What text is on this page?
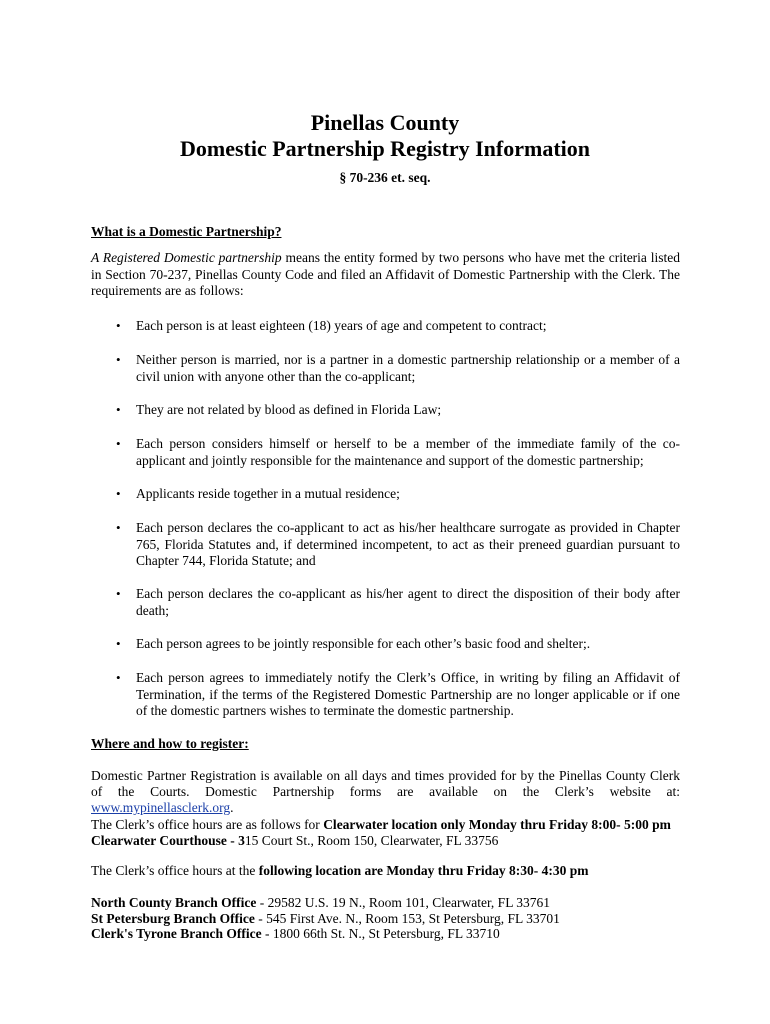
Pinellas County
Domestic Partnership Registry Information
§ 70-236 et. seq.
What is a Domestic Partnership?
A Registered Domestic partnership means the entity formed by two persons who have met the criteria listed in Section 70-237, Pinellas County Code and filed an Affidavit of Domestic Partnership with the Clerk. The requirements are as follows:
• Each person is at least eighteen (18) years of age and competent to contract;
• Neither person is married, nor is a partner in a domestic partnership relationship or a member of a civil union with anyone other than the co-applicant;
• They are not related by blood as defined in Florida Law;
• Each person considers himself or herself to be a member of the immediate family of the co-applicant and jointly responsible for the maintenance and support of the domestic partnership;
• Applicants reside together in a mutual residence;
• Each person declares the co-applicant to act as his/her healthcare surrogate as provided in Chapter 765, Florida Statutes and, if determined incompetent, to act as their preneed guardian pursuant to Chapter 744, Florida Statute; and
• Each person declares the co-applicant as his/her agent to direct the disposition of their body after death;
• Each person agrees to be jointly responsible for each other’s basic food and shelter;.
• Each person agrees to immediately notify the Clerk’s Office, in writing by filing an Affidavit of Termination, if the terms of the Registered Domestic Partnership are no longer applicable or if one of the domestic partners wishes to terminate the domestic partnership.
Where and how to register:
Domestic Partner Registration is available on all days and times provided for by the Pinellas County Clerk
of the Courts. Domestic Partnership forms are available on the Clerk’s website at:
www.mypinellasclerk.org.
The Clerk’s office hours are as follows for Clearwater location only Monday thru Friday 8:00- 5:00 pm
Clearwater Courthouse - 315 Court St., Room 150, Clearwater, FL 33756
The Clerk’s office hours at the following location are Monday thru Friday 8:30- 4:30 pm
North County Branch Office - 29582 U.S. 19 N., Room 101, Clearwater, FL 33761
St Petersburg Branch Office - 545 First Ave. N., Room 153, St Petersburg, FL 33701
Clerk's Tyrone Branch Office - 1800 66th St. N., St Petersburg, FL 33710
